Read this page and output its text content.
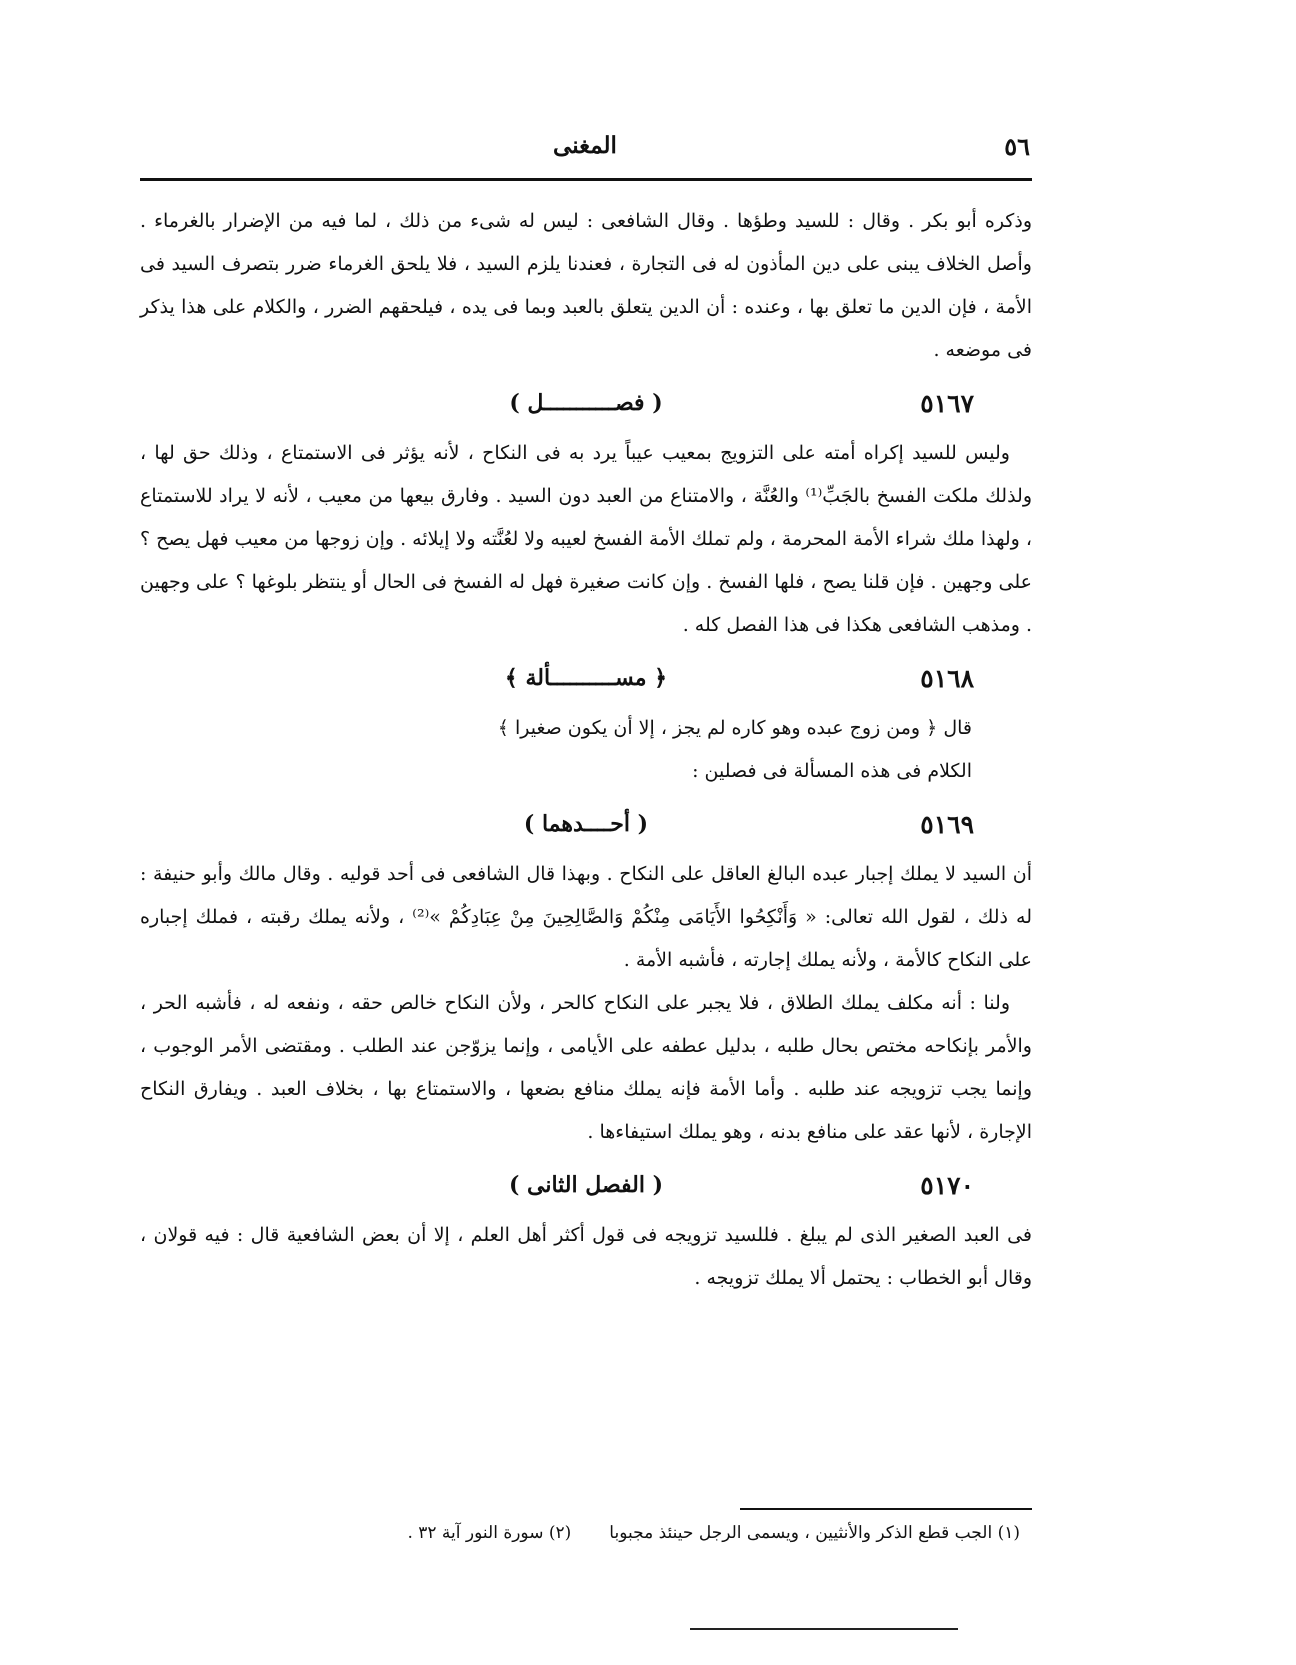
٥٦
المغنى

وذكره أبو بكر . وقال : للسيد وطؤها . وقال الشافعى : ليس له شىء من ذلك ، لما فيه من الإضرار بالغرماء . وأصل الخلاف يبنى على دين المأذون له فى التجارة ، فعندنا يلزم السيد ، فلا يلحق الغرماء ضرر بتصرف السيد فى الأمة ، فإن الدين ما تعلق بها ، وعنده : أن الدين يتعلق بالعبد وبما فى يده ، فيلحقهم الضرر ، والكلام على هذا يذكر فى موضعه .

٥١٦٧
( فصـــــــــــل )

وليس للسيد إكراه أمته على التزويج بمعيب عيباً يرد به فى النكاح ، لأنه يؤثر فى الاستمتاع ، وذلك حق لها ، ولذلك ملكت الفسخ بالجَبِّ⁽¹⁾ والعُنَّة ، والامتناع من العبد دون السيد . وفارق بيعها من معيب ، لأنه لا يراد للاستمتاع ، ولهذا ملك شراء الأمة المحرمة ، ولم تملك الأمة الفسخ لعيبه ولا لعُنَّته ولا إيلائه . وإن زوجها من معيب فهل يصح ؟ على وجهين . فإن قلنا يصح ، فلها الفسخ . وإن كانت صغيرة فهل له الفسخ فى الحال أو ينتظر بلوغها ؟ على وجهين . ومذهب الشافعى هكذا فى هذا الفصل كله .

٥١٦٨
﴿ مســــــــــألة ﴾

قال ﴿ ومن زوج عبده وهو كاره لم يجز ، إلا أن يكون صغيرا ﴾

الكلام فى هذه المسألة فى فصلين :

٥١٦٩
( أحــــدهما )

أن السيد لا يملك إجبار عبده البالغ العاقل على النكاح . وبهذا قال الشافعى فى أحد قوليه . وقال مالك وأبو حنيفة : له ذلك ، لقول الله تعالى: « وَأَنْكِحُوا الأَيَامَى مِنْكُمْ وَالصَّالِحِينَ مِنْ عِبَادِكُمْ »⁽²⁾ ، ولأنه يملك رقبته ، فملك إجباره على النكاح كالأمة ، ولأنه يملك إجارته ، فأشبه الأمة .

ولنا : أنه مكلف يملك الطلاق ، فلا يجبر على النكاح كالحر ، ولأن النكاح خالص حقه ، ونفعه له ، فأشبه الحر ، والأمر بإنكاحه مختص بحال طلبه ، بدليل عطفه على الأيامى ، وإنما يزوّجن عند الطلب . ومقتضى الأمر الوجوب ، وإنما يجب تزويجه عند طلبه . وأما الأمة فإنه يملك منافع بضعها ، والاستمتاع بها ، بخلاف العبد . ويفارق النكاح الإجارة ، لأنها عقد على منافع بدنه ، وهو يملك استيفاءها .

٥١٧٠
( الفصل الثانى )

فى العبد الصغير الذى لم يبلغ . فللسيد تزويجه فى قول أكثر أهل العلم ، إلا أن بعض الشافعية قال : فيه قولان ، وقال أبو الخطاب : يحتمل ألا يملك تزويجه .

(١) الجب قطع الذكر والأنثيين ، ويسمى الرجل حينئذ مجبوبا
(٢) سورة النور آية ٣٢ .
